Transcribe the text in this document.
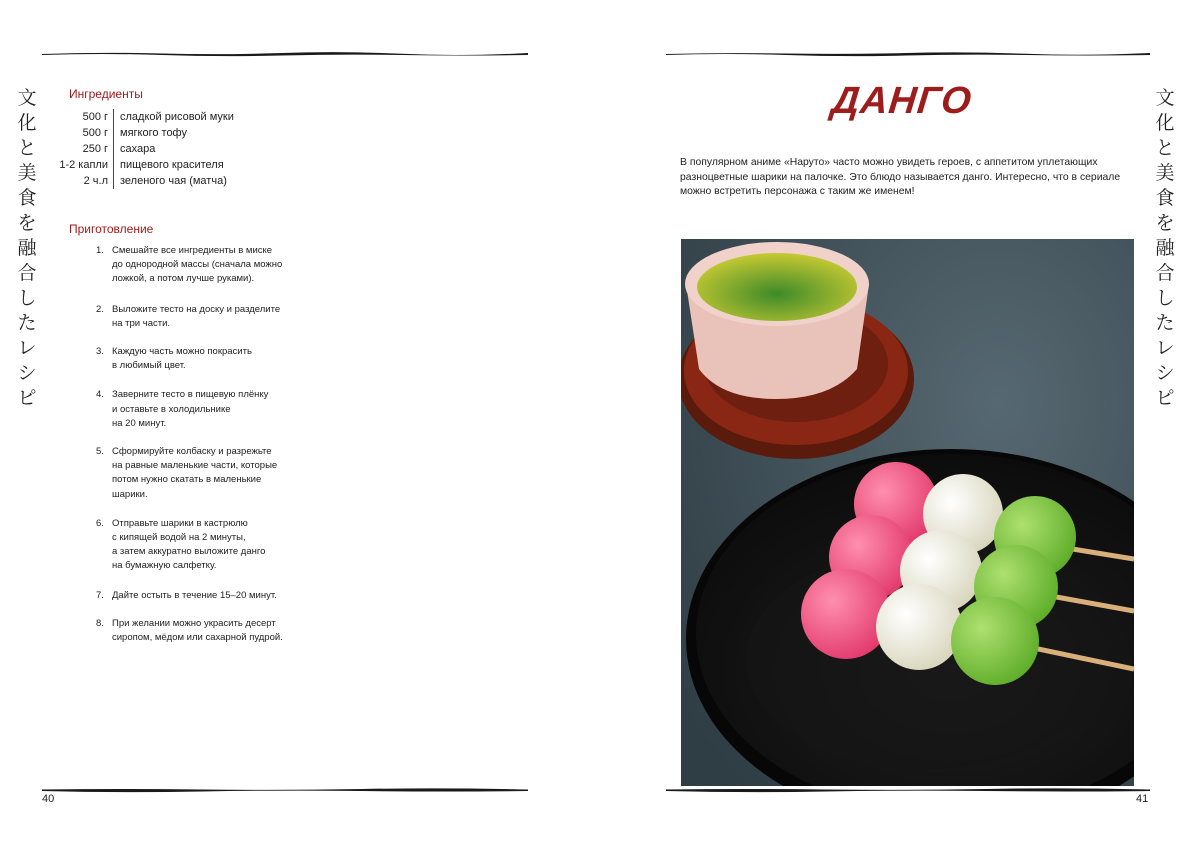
文
化
と
美
食
を
融
合
し
た
レ
シ
ピ
Ингредиенты
500 г	сладкой рисовой муки
500 г	мягкого тофу
250 г	сахара
1-2 капли	пищевого красителя
2 ч.л	зеленого чая (матча)
Приготовление
1. Смешайте все ингредиенты в миске
до однородной массы (сначала можно
ложкой, а потом лучше руками).
2. Выложите тесто на доску и разделите
на три части.
3. Каждую часть можно покрасить
в любимый цвет.
4. Заверните тесто в пищевую плёнку
и оставьте в холодильнике
на 20 минут.
5. Сформируйте колбаску и разрежьте
на равные маленькие части, которые
потом нужно скатать в маленькие
шарики.
6. Отправьте шарики в кастрюлю
с кипящей водой на 2 минуты,
а затем аккуратно выложите данго
на бумажную салфетку.
7. Дайте остыть в течение 15–20 минут.
8. При желании можно украсить десерт
сиропом, мёдом или сахарной пудрой.
40
ДАНГО
В популярном аниме «Наруто» часто можно увидеть героев, с аппетитом уплетающих разноцветные шарики на палочке. Это блюдо называется данго. Интересно, что в сериале можно встретить персонажа с таким же именем!
文
化
と
美
食
を
融
合
し
た
レ
シ
ピ
41
